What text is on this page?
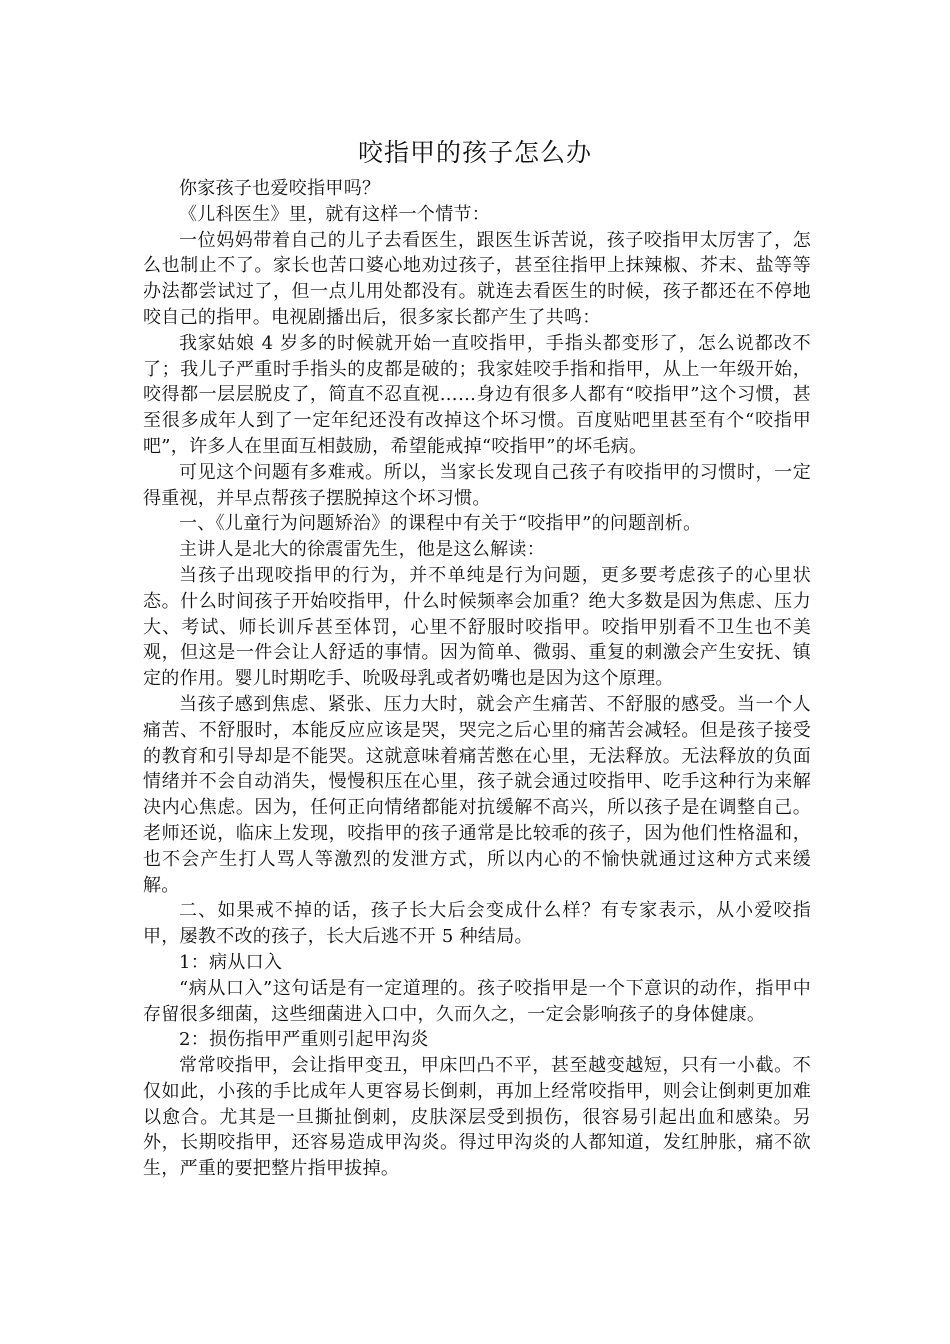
咬指甲的孩子怎么办

你家孩子也爱咬指甲吗？

《儿科医生》里，就有这样一个情节：

一位妈妈带着自己的儿子去看医生，跟医生诉苦说，孩子咬指甲太厉害了，怎么也制止不了。家长也苦口婆心地劝过孩子，甚至往指甲上抹辣椒、芥末、盐等等办法都尝试过了，但一点儿用处都没有。就连去看医生的时候，孩子都还在不停地咬自己的指甲。电视剧播出后，很多家长都产生了共鸣：

我家姑娘 4 岁多的时候就开始一直咬指甲，手指头都变形了，怎么说都改不了；我儿子严重时手指头的皮都是破的；我家娃咬手指和指甲，从上一年级开始，咬得都一层层脱皮了，简直不忍直视……身边有很多人都有“咬指甲”这个习惯，甚至很多成年人到了一定年纪还没有改掉这个坏习惯。百度贴吧里甚至有个“咬指甲吧”，许多人在里面互相鼓励，希望能戒掉“咬指甲”的坏毛病。

可见这个问题有多难戒。所以，当家长发现自己孩子有咬指甲的习惯时，一定得重视，并早点帮孩子摆脱掉这个坏习惯。

一、《儿童行为问题矫治》的课程中有关于“咬指甲”的问题剖析。

主讲人是北大的徐震雷先生，他是这么解读：

当孩子出现咬指甲的行为，并不单纯是行为问题，更多要考虑孩子的心里状态。什么时间孩子开始咬指甲，什么时候频率会加重？绝大多数是因为焦虑、压力大、考试、师长训斥甚至体罚，心里不舒服时咬指甲。咬指甲别看不卫生也不美观，但这是一件会让人舒适的事情。因为简单、微弱、重复的刺激会产生安抚、镇定的作用。婴儿时期吃手、吮吸母乳或者奶嘴也是因为这个原理。

当孩子感到焦虑、紧张、压力大时，就会产生痛苦、不舒服的感受。当一个人痛苦、不舒服时，本能反应应该是哭，哭完之后心里的痛苦会减轻。但是孩子接受的教育和引导却是不能哭。这就意味着痛苦憋在心里，无法释放。无法释放的负面情绪并不会自动消失，慢慢积压在心里，孩子就会通过咬指甲、吃手这种行为来解决内心焦虑。因为，任何正向情绪都能对抗缓解不高兴，所以孩子是在调整自己。老师还说，临床上发现，咬指甲的孩子通常是比较乖的孩子，因为他们性格温和，也不会产生打人骂人等激烈的发泄方式，所以内心的不愉快就通过这种方式来缓解。

二、如果戒不掉的话，孩子长大后会变成什么样？有专家表示，从小爱咬指甲，屡教不改的孩子，长大后逃不开 5 种结局。

1：病从口入

“病从口入”这句话是有一定道理的。孩子咬指甲是一个下意识的动作，指甲中存留很多细菌，这些细菌进入口中，久而久之，一定会影响孩子的身体健康。

2：损伤指甲严重则引起甲沟炎

常常咬指甲，会让指甲变丑，甲床凹凸不平，甚至越变越短，只有一小截。不仅如此，小孩的手比成年人更容易长倒刺，再加上经常咬指甲，则会让倒刺更加难以愈合。尤其是一旦撕扯倒刺，皮肤深层受到损伤，很容易引起出血和感染。另外，长期咬指甲，还容易造成甲沟炎。得过甲沟炎的人都知道，发红肿胀，痛不欲生，严重的要把整片指甲拔掉。
